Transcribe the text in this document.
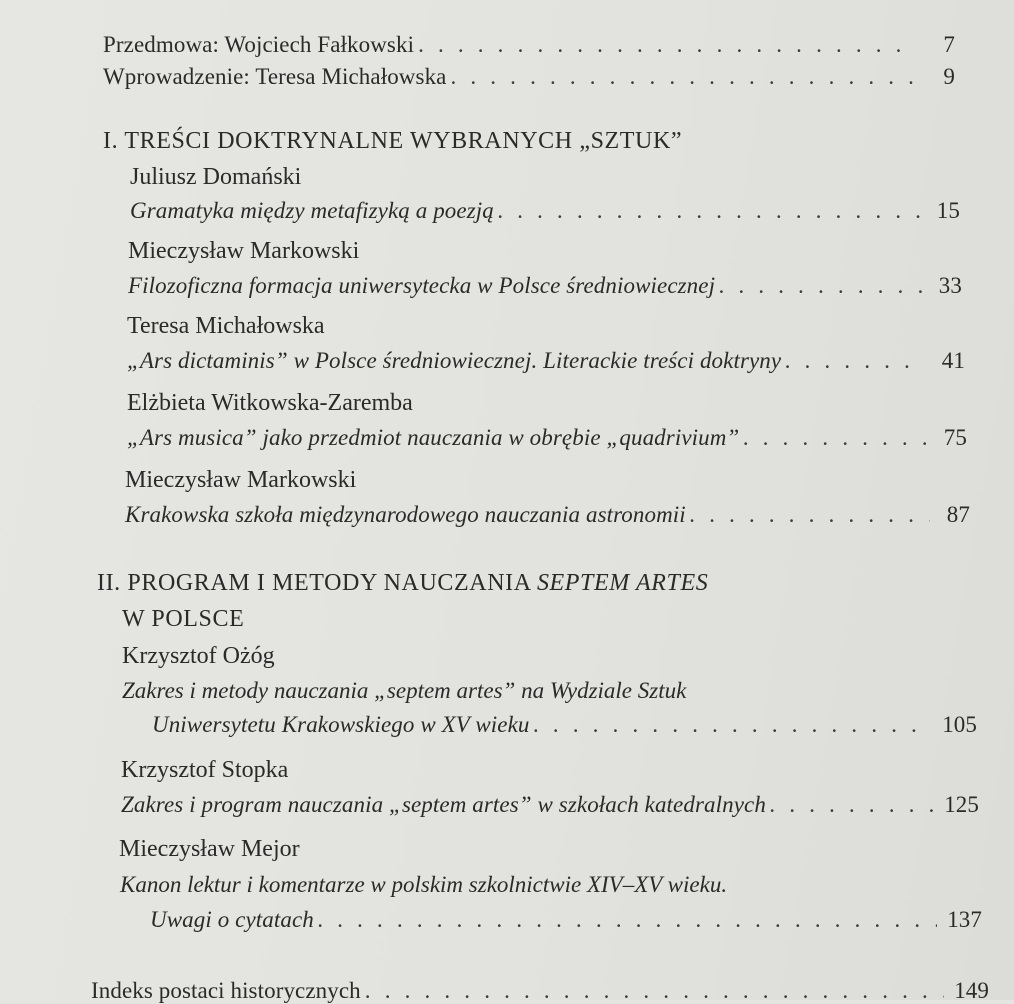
Przedmowa: Wojciech Fałkowski . . .	7
Wprowadzenie: Teresa Michałowska . . .	9
I. TREŚCI DOKTRYNALNE WYBRANYCH „SZTUK”
Juliusz Domański
Gramatyka między metafizyką a poezją . . .	15
Mieczysław Markowski
Filozoficzna formacja uniwersytecka w Polsce średniowiecznej . . .	33
Teresa Michałowska
„Ars dictaminis” w Polsce średniowiecznej. Literackie treści doktryny . . .	41
Elżbieta Witkowska-Zaremba
„Ars musica” jako przedmiot nauczania w obrębie „quadrivium” . . .	75
Mieczysław Markowski
Krakowska szkoła międzynarodowego nauczania astronomii . . .	87
II. PROGRAM I METODY NAUCZANIA SEPTEM ARTES
W POLSCE
Krzysztof Ożóg
Zakres i metody nauczania „septem artes” na Wydziale Sztuk
Uniwersytetu Krakowskiego w XV wieku . . .	105
Krzysztof Stopka
Zakres i program nauczania „septem artes” w szkołach katedralnych . . .	125
Mieczysław Mejor
Kanon lektur i komentarze w polskim szkolnictwie XIV–XV wieku.
Uwagi o cytatach . . .	137
Indeks postaci historycznych . . .	149
